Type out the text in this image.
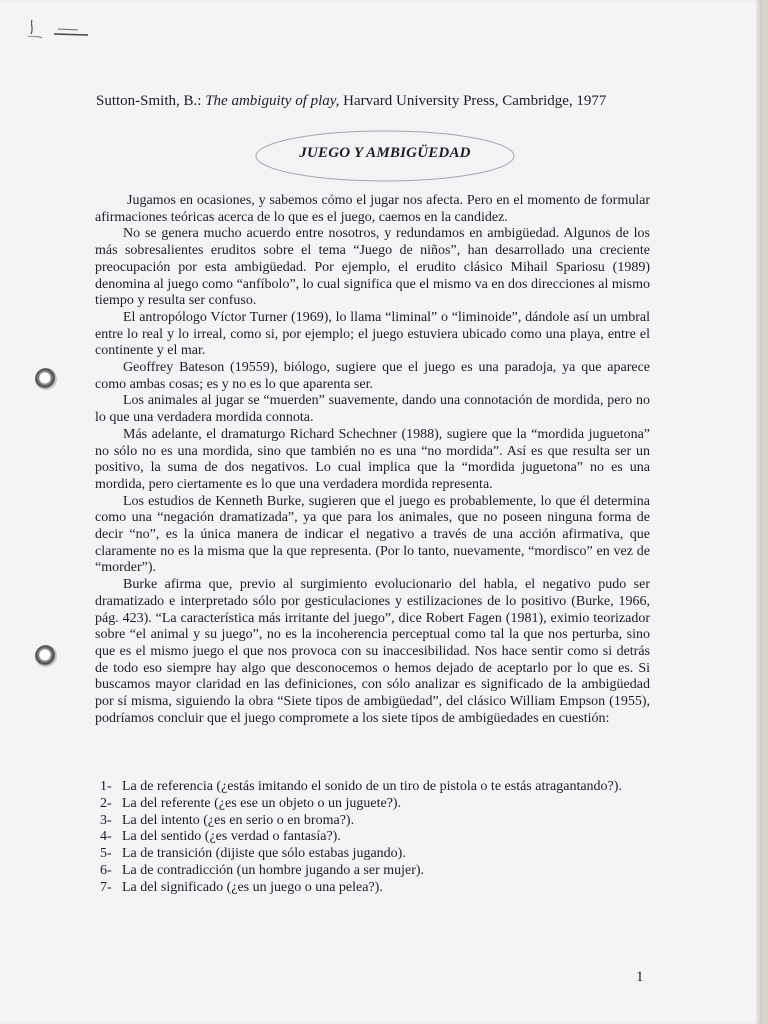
Sutton-Smith, B.: The ambiguity of play, Harvard University Press, Cambridge, 1977
JUEGO Y AMBIGÜEDAD

Jugamos en ocasiones, y sabemos cómo el jugar nos afecta. Pero en el momento de formular afirmaciones teóricas acerca de lo que es el juego, caemos en la candidez.

No se genera mucho acuerdo entre nosotros, y redundamos en ambigüedad. Algunos de los más sobresalientes eruditos sobre el tema “Juego de niños”, han desarrollado una creciente preocupación por esta ambigüedad. Por ejemplo, el erudito clásico Mihail Spariosu (1989) denomina al juego como “anfíbolo”, lo cual significa que el mismo va en dos direcciones al mismo tiempo y resulta ser confuso.

El antropólogo Víctor Turner (1969), lo llama “liminal” o “liminoide”, dándole así un umbral entre lo real y lo irreal, como si, por ejemplo; el juego estuviera ubicado como una playa, entre el continente y el mar.

Geoffrey Bateson (19559), biólogo, sugiere que el juego es una paradoja, ya que aparece como ambas cosas; es y no es lo que aparenta ser.

Los animales al jugar se “muerden” suavemente, dando una connotación de mordida, pero no lo que una verdadera mordida connota.

Más adelante, el dramaturgo Richard Schechner (1988), sugiere que la “mordida juguetona” no sólo no es una mordida, sino que también no es una “no mordida”. Así es que resulta ser un positivo, la suma de dos negativos. Lo cual implica que la “mordida juguetona” no es una mordida, pero ciertamente es lo que una verdadera mordida representa.

Los estudios de Kenneth Burke, sugieren que el juego es probablemente, lo que él determina como una “negación dramatizada”, ya que para los animales, que no poseen ninguna forma de decir “no”, es la única manera de indicar el negativo a través de una acción afirmativa, que claramente no es la misma que la que representa. (Por lo tanto, nuevamente, “mordisco” en vez de “morder”).

Burke afirma que, previo al surgimiento evolucionario del habla, el negativo pudo ser dramatizado e interpretado sólo por gesticulaciones y estilizaciones de lo positivo (Burke, 1966, pág. 423). “La característica más irritante del juego”, dice Robert Fagen (1981), eximio teorizador sobre “el animal y su juego”, no es la incoherencia perceptual como tal la que nos perturba, sino que es el mismo juego el que nos provoca con su inaccesibilidad. Nos hace sentir como si detrás de todo eso siempre hay algo que desconocemos o hemos dejado de aceptarlo por lo que es. Si buscamos mayor claridad en las definiciones, con sólo analizar es significado de la ambigüedad por sí misma, siguiendo la obra “Siete tipos de ambigüedad”, del clásico William Empson (1955), podríamos concluir que el juego compromete a los siete tipos de ambigüedades en cuestión:

1- La de referencia (¿estás imitando el sonido de un tiro de pistola o te estás atragantando?).
2- La del referente (¿es ese un objeto o un juguete?).
3- La del intento (¿es en serio o en broma?).
4- La del sentido (¿es verdad o fantasía?).
5- La de transición (dijiste que sólo estabas jugando).
6- La de contradicción (un hombre jugando a ser mujer).
7- La del significado (¿es un juego o una pelea?).
1
